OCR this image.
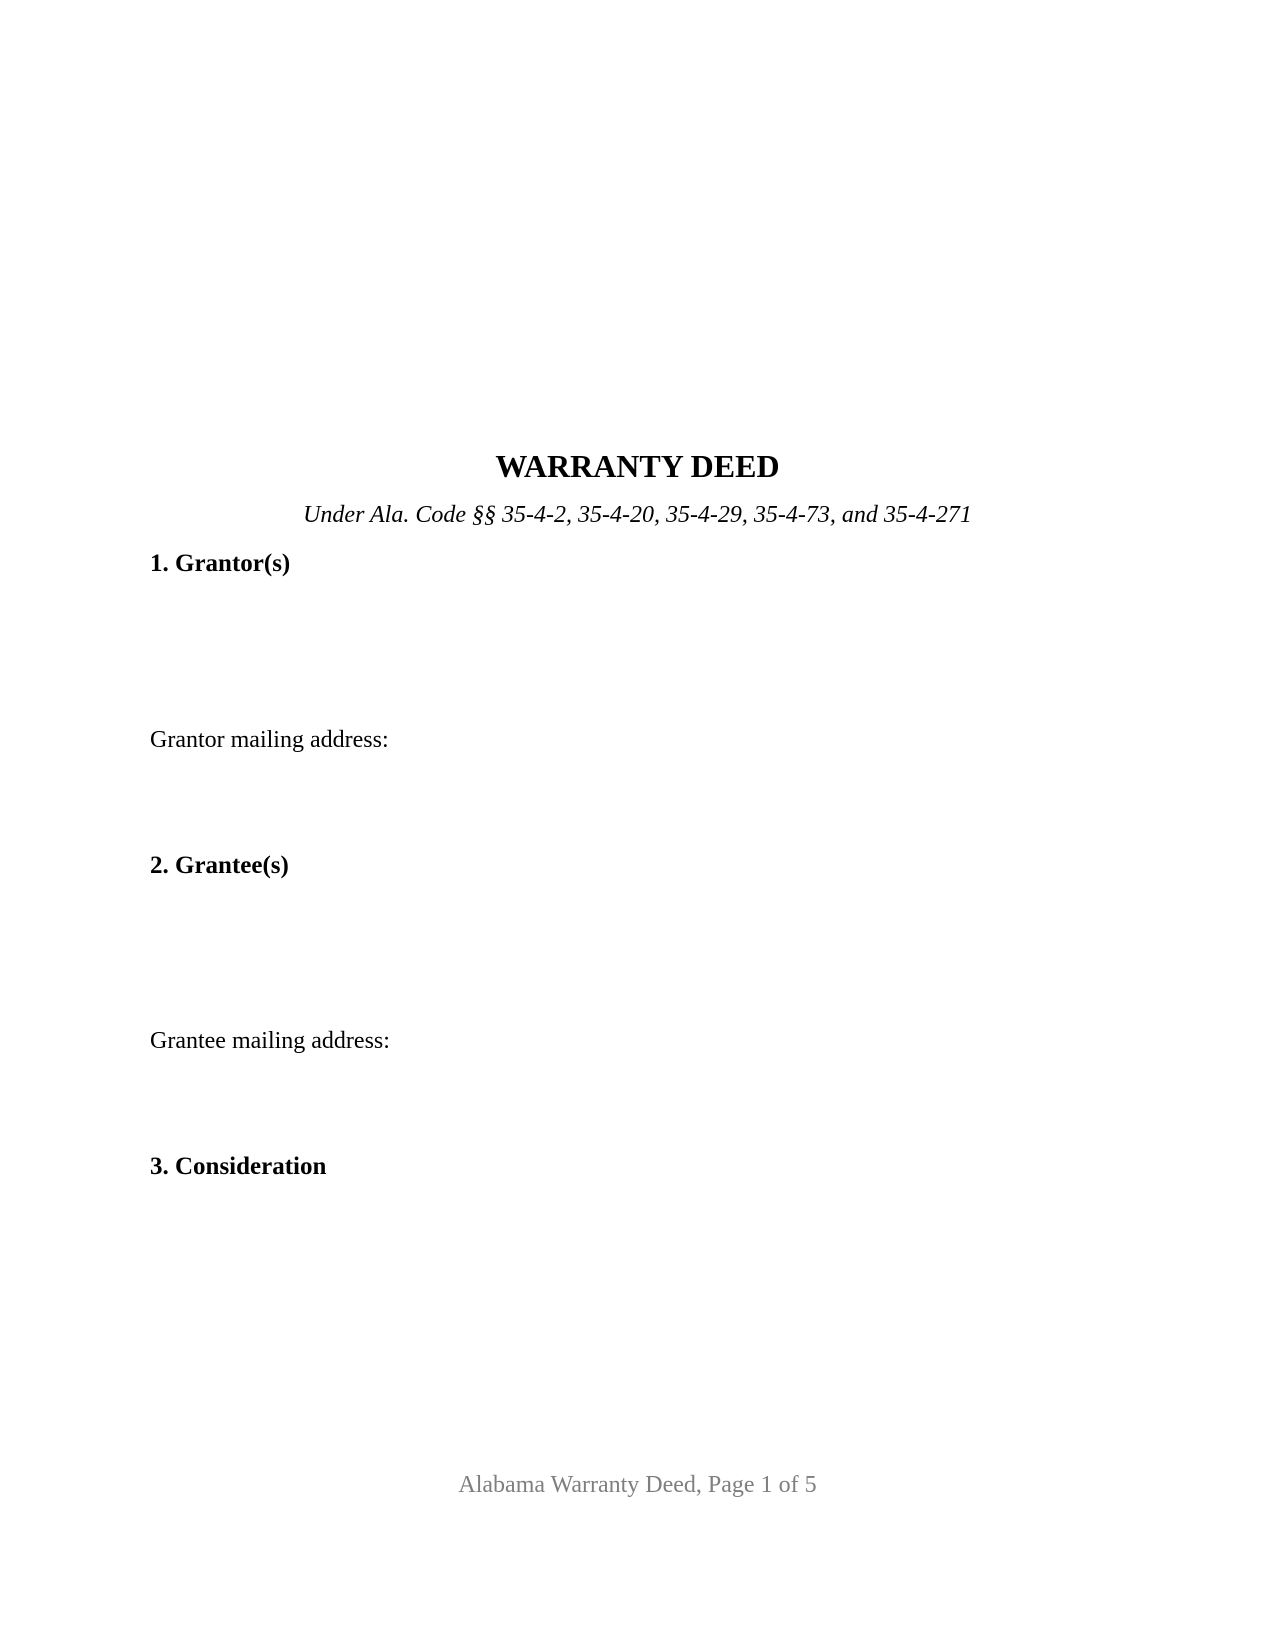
WARRANTY DEED

Under Ala. Code §§ 35-4-2, 35-4-20, 35-4-29, 35-4-73, and 35-4-271

1. Grantor(s)

Grantor mailing address:

2. Grantee(s)

Grantee mailing address:

3. Consideration
Alabama Warranty Deed, Page 1 of 5
